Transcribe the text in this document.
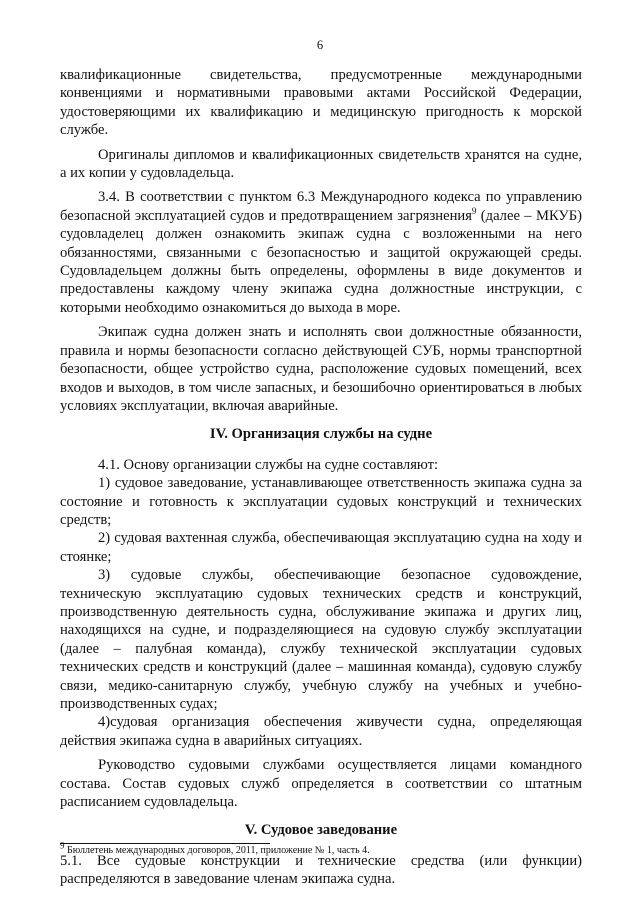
6

квалификационные свидетельства, предусмотренные международными конвенциями и нормативными правовыми актами Российской Федерации, удостоверяющими их квалификацию и медицинскую пригодность к морской службе.

Оригиналы дипломов и квалификационных свидетельств хранятся на судне, а их копии у судовладельца.

3.4. В соответствии с пунктом 6.3 Международного кодекса по управлению безопасной эксплуатацией судов и предотвращением загрязнения$^9$ (далее – МКУБ) судовладелец должен ознакомить экипаж судна с возложенными на него обязанностями, связанными с безопасностью и защитой окружающей среды. Судовладельцем должны быть определены, оформлены в виде документов и предоставлены каждому члену экипажа судна должностные инструкции, с которыми необходимо ознакомиться до выхода в море.

Экипаж судна должен знать и исполнять свои должностные обязанности, правила и нормы безопасности согласно действующей СУБ, нормы транспортной безопасности, общее устройство судна, расположение судовых помещений, всех входов и выходов, в том числе запасных, и безошибочно ориентироваться в любых условиях эксплуатации, включая аварийные.

IV. Организация службы на судне

4.1. Основу организации службы на судне составляют:

1) судовое заведование, устанавливающее ответственность экипажа судна за состояние и готовность к эксплуатации судовых конструкций и технических средств;

2) судовая вахтенная служба, обеспечивающая эксплуатацию судна на ходу и стоянке;

3) судовые службы, обеспечивающие безопасное судовождение, техническую эксплуатацию судовых технических средств и конструкций, производственную деятельность судна, обслуживание экипажа и других лиц, находящихся на судне, и подразделяющиеся на судовую службу эксплуатации (далее – палубная команда), службу технической эксплуатации судовых технических средств и конструкций (далее – машинная команда), судовую службу связи, медико-санитарную службу, учебную службу на учебных и учебно-производственных судах;

4)судовая организация обеспечения живучести судна, определяющая действия экипажа судна в аварийных ситуациях.

Руководство судовыми службами осуществляется лицами командного состава. Состав судовых служб определяется в соответствии со штатным расписанием судовладельца.

V. Судовое заведование

5.1. Все судовые конструкции и технические средства (или функции) распределяются в заведование членам экипажа судна.

$^9$ Бюллетень международных договоров, 2011, приложение № 1, часть 4.
